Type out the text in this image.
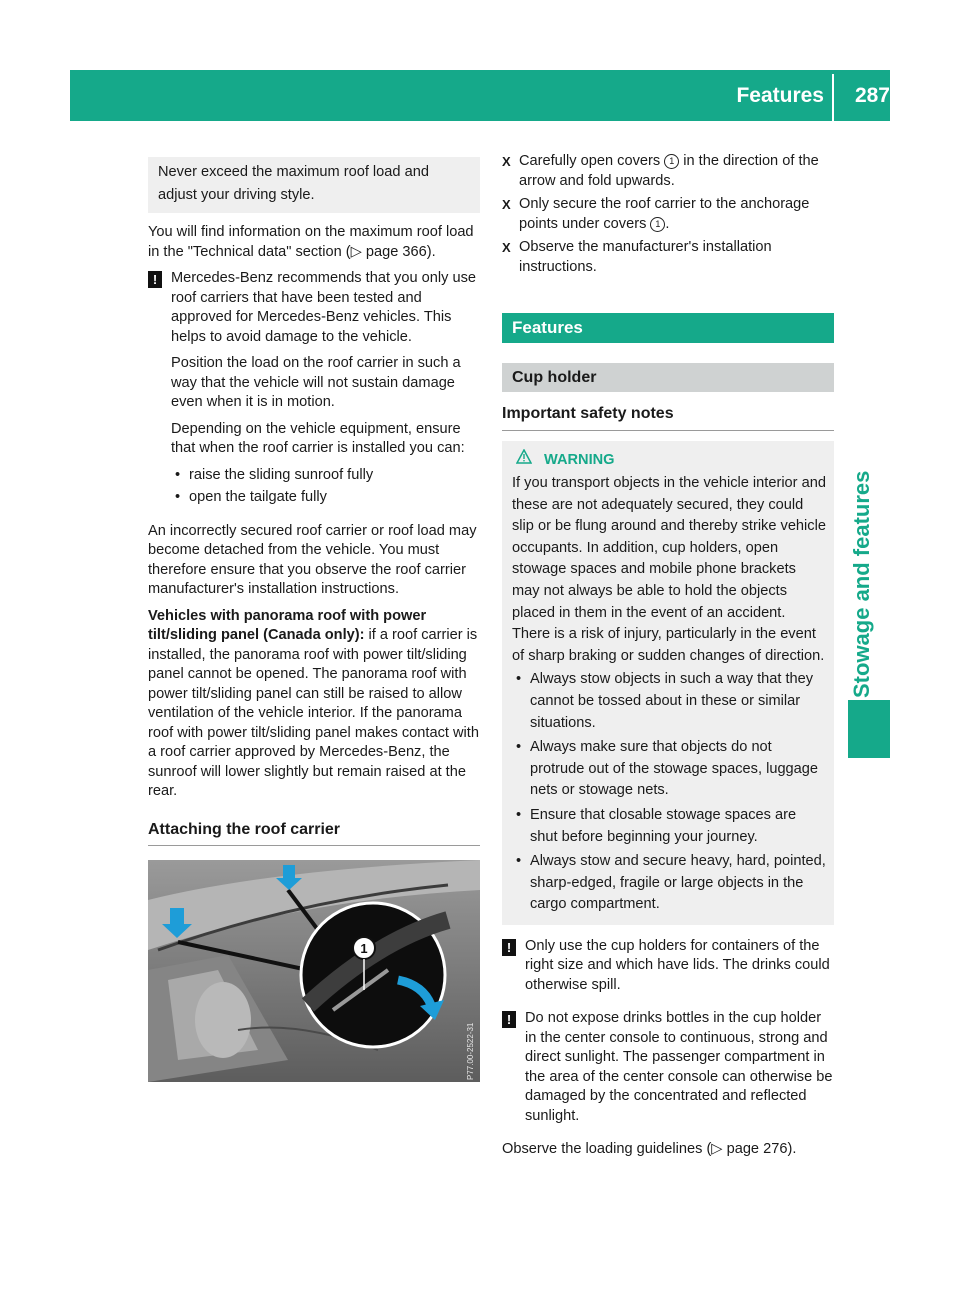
Features 287
Stowage and features
Never exceed the maximum roof load and adjust your driving style.

You will find information on the maximum roof load in the "Technical data" section (▷ page 366).

! Mercedes-Benz recommends that you only use roof carriers that have been tested and approved for Mercedes-Benz vehicles. This helps to avoid damage to the vehicle.

Position the load on the roof carrier in such a way that the vehicle will not sustain damage even when it is in motion.

Depending on the vehicle equipment, ensure that when the roof carrier is installed you can:

• raise the sliding sunroof fully
• open the tailgate fully

An incorrectly secured roof carrier or roof load may become detached from the vehicle. You must therefore ensure that you observe the roof carrier manufacturer's installation instructions.

Vehicles with panorama roof with power tilt/sliding panel (Canada only): if a roof carrier is installed, the panorama roof with power tilt/sliding panel cannot be opened. The panorama roof with power tilt/sliding panel can still be raised to allow ventilation of the vehicle interior. If the panorama roof with power tilt/sliding panel makes contact with a roof carrier approved by Mercedes-Benz, the sunroof will lower slightly but remain raised at the rear.

Attaching the roof carrier
1
P77.00-2522-31
X Carefully open covers 1 in the direction of the arrow and fold upwards.
X Only secure the roof carrier to the anchorage points under covers 1 .
X Observe the manufacturer's installation instructions.
Features
Cup holder
Important safety notes
WARNING

If you transport objects in the vehicle interior and these are not adequately secured, they could slip or be flung around and thereby strike vehicle occupants. In addition, cup holders, open stowage spaces and mobile phone brackets may not always be able to hold the objects placed in them in the event of an accident. There is a risk of injury, particularly in the event of sharp braking or sudden changes of direction.

• Always stow objects in such a way that they cannot be tossed about in these or similar situations.
• Always make sure that objects do not protrude out of the stowage spaces, luggage nets or stowage nets.
• Ensure that closable stowage spaces are shut before beginning your journey.
• Always stow and secure heavy, hard, pointed, sharp-edged, fragile or large objects in the cargo compartment.
! Only use the cup holders for containers of the right size and which have lids. The drinks could otherwise spill.

! Do not expose drinks bottles in the cup holder in the center console to continuous, strong and direct sunlight. The passenger compartment in the area of the center console can otherwise be damaged by the concentrated and reflected sunlight.

Observe the loading guidelines (▷ page 276).
